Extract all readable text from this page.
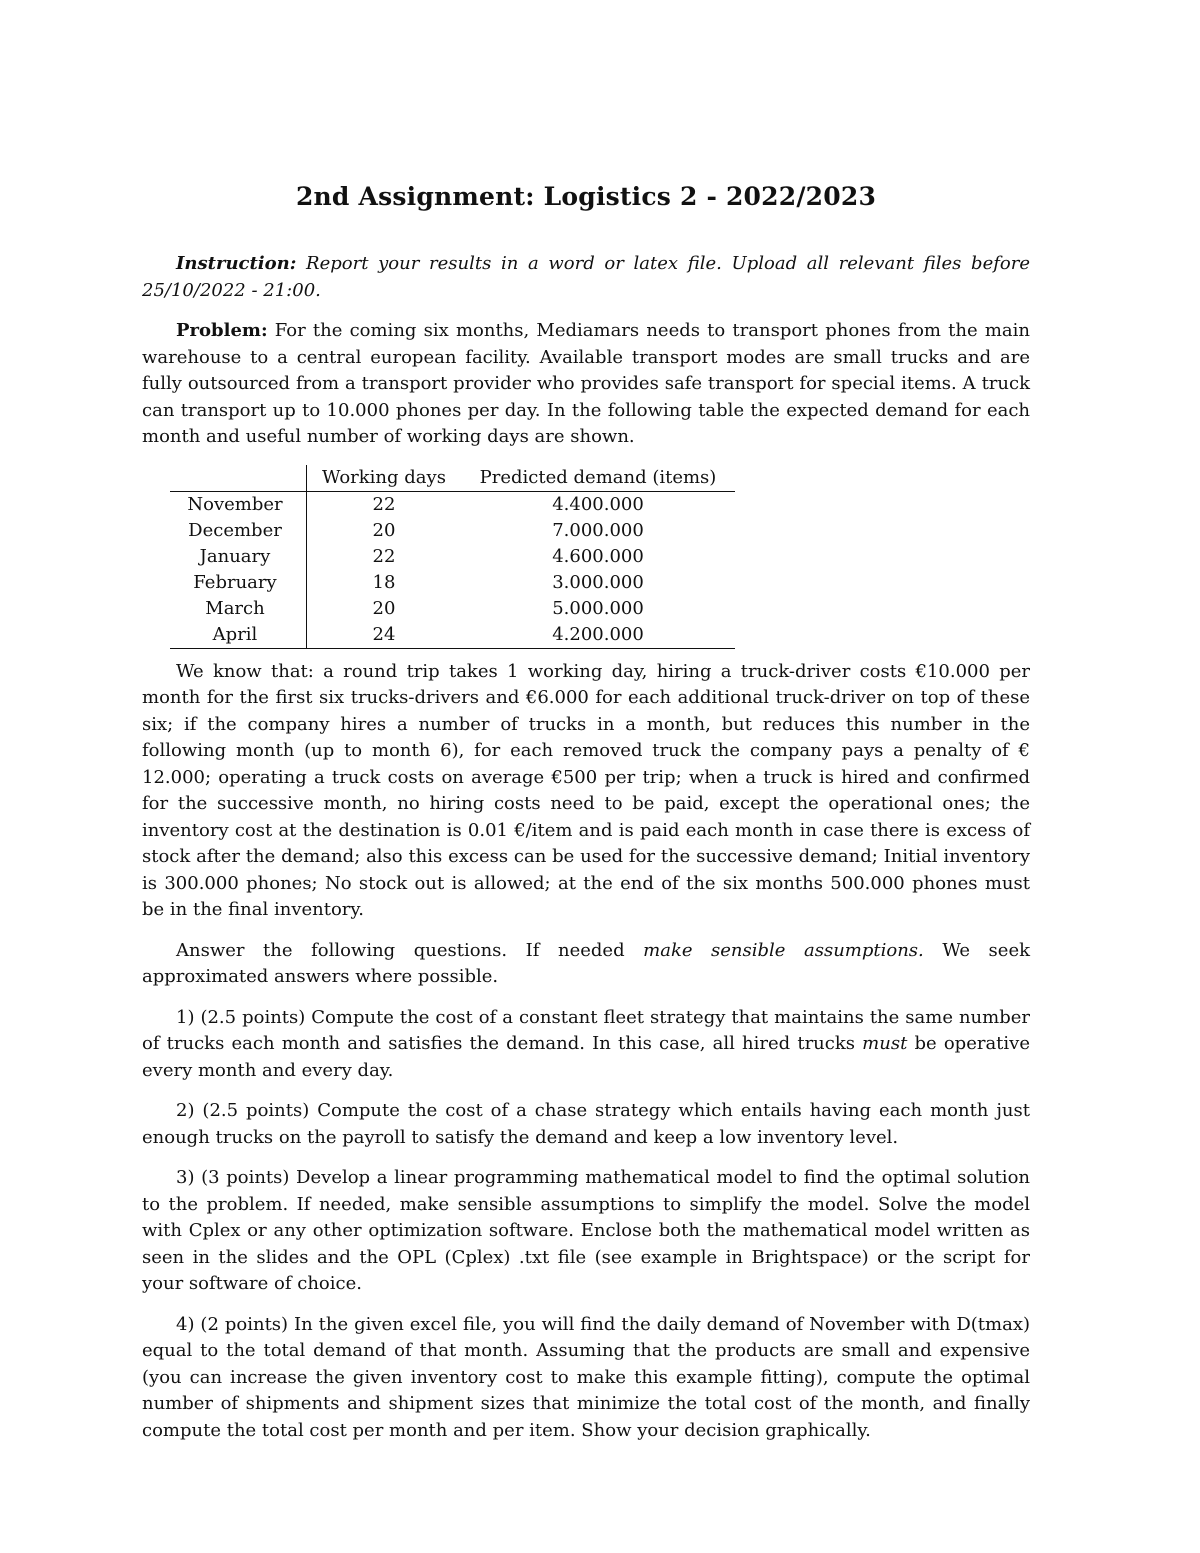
2nd Assignment: Logistics 2 - 2022/2023

Instruction: Report your results in a word or latex file. Upload all relevant files before 25/10/2022 - 21:00.

Problem: For the coming six months, Mediamars needs to transport phones from the main warehouse to a central european facility. Available transport modes are small trucks and are fully outsourced from a transport provider who provides safe transport for special items. A truck can transport up to 10.000 phones per day. In the following table the expected demand for each month and useful number of working days are shown.

	Working days	Predicted demand (items)
November	22	4.400.000
December	20	7.000.000
January	22	4.600.000
February	18	3.000.000
March	20	5.000.000
April	24	4.200.000

We know that: a round trip takes 1 working day, hiring a truck-driver costs €10.000 per month for the first six trucks-drivers and €6.000 for each additional truck-driver on top of these six; if the company hires a number of trucks in a month, but reduces this number in the following month (up to month 6), for each removed truck the company pays a penalty of € 12.000; operating a truck costs on average €500 per trip; when a truck is hired and confirmed for the successive month, no hiring costs need to be paid, except the operational ones; the inventory cost at the destination is 0.01 €/item and is paid each month in case there is excess of stock after the demand; also this excess can be used for the successive demand; Initial inventory is 300.000 phones; No stock out is allowed; at the end of the six months 500.000 phones must be in the final inventory.

Answer the following questions. If needed make sensible assumptions. We seek approximated answers where possible.

1) (2.5 points) Compute the cost of a constant fleet strategy that maintains the same number of trucks each month and satisfies the demand. In this case, all hired trucks must be operative every month and every day.

2) (2.5 points) Compute the cost of a chase strategy which entails having each month just enough trucks on the payroll to satisfy the demand and keep a low inventory level.

3) (3 points) Develop a linear programming mathematical model to find the optimal solution to the problem. If needed, make sensible assumptions to simplify the model. Solve the model with Cplex or any other optimization software. Enclose both the mathematical model written as seen in the slides and the OPL (Cplex) .txt file (see example in Brightspace) or the script for your software of choice.

4) (2 points) In the given excel file, you will find the daily demand of November with D(tmax) equal to the total demand of that month. Assuming that the products are small and expensive (you can increase the given inventory cost to make this example fitting), compute the optimal number of shipments and shipment sizes that minimize the total cost of the month, and finally compute the total cost per month and per item. Show your decision graphically.
